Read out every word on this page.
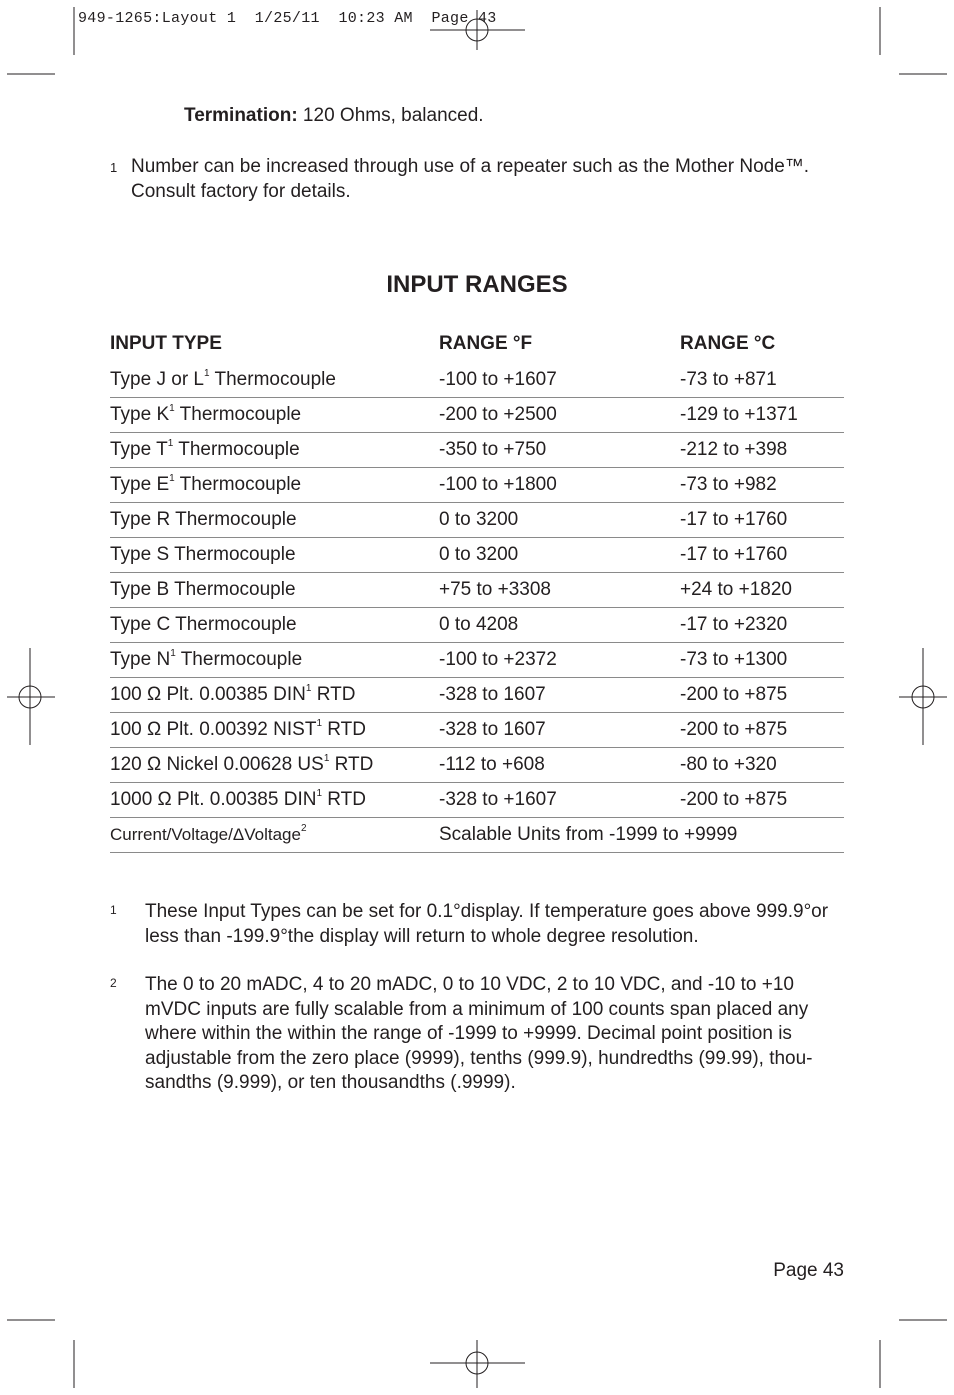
949-1265:Layout 1  1/25/11  10:23 AM  Page 43
Termination: 120 Ohms, balanced.
1 Number can be increased through use of a repeater such as the Mother Node™. Consult factory for details.
INPUT RANGES
INPUT TYPE	RANGE °F	RANGE °C
Type J or $L^1$ Thermocouple	-100 to +1607	-73 to +871
Type $K^1$ Thermocouple	-200 to +2500	-129 to +1371
Type $T^1$ Thermocouple	-350 to +750	-212 to +398
Type $E^1$ Thermocouple	-100 to +1800	-73 to +982
Type R Thermocouple	0 to 3200	-17 to +1760
Type S Thermocouple	0 to 3200	-17 to +1760
Type B Thermocouple	+75 to +3308	+24 to +1820
Type C Thermocouple	0 to 4208	-17 to +2320
Type $N^1$ Thermocouple	-100 to +2372	-73 to +1300
100 Ω Plt. 0.00385 DIN$^1$ RTD	-328 to 1607	-200 to +875
100 Ω Plt. 0.00392 NIST$^1$ RTD	-328 to 1607	-200 to +875
120 Ω Nickel 0.00628 $US^1$ RTD	-112 to +608	-80 to +320
1000 Ω Plt. 0.00385 DIN$^1$ RTD	-328 to +1607	-200 to +875
Current/Voltage/ΔVoltage$^2$	Scalable Units from -1999 to +9999	
1 These Input Types can be set for 0.1°display. If temperature goes above 999.9°or less than -199.9°the display will return to whole degree resolution.
2 The 0 to 20 mADC, 4 to 20 mADC, 0 to 10 VDC, 2 to 10 VDC, and -10 to +10 mVDC inputs are fully scalable from a minimum of 100 counts span placed any where within the within the range of -1999 to +9999. Decimal point position is adjustable from the zero place (9999), tenths (999.9), hundredths (99.99), thou-sandths (9.999), or ten thousandths (.9999).
Page 43
